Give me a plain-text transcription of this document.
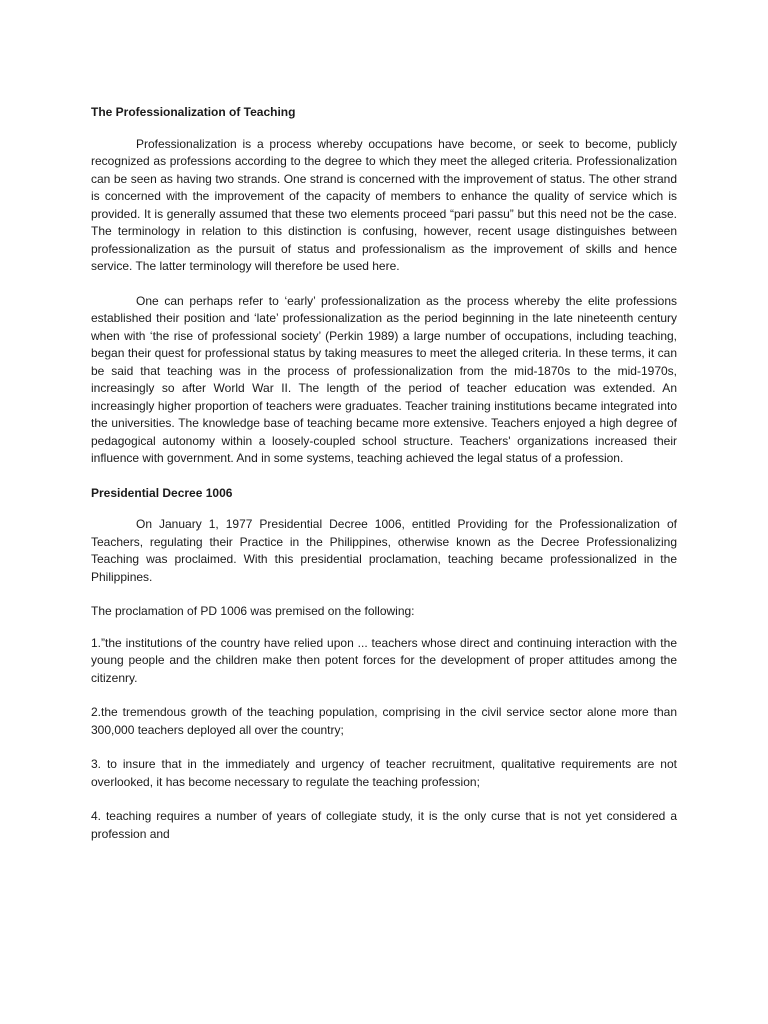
The Professionalization of Teaching

Professionalization is a process whereby occupations have become, or seek to become, publicly recognized as professions according to the degree to which they meet the alleged criteria. Professionalization can be seen as having two strands. One strand is concerned with the improvement of status. The other strand is concerned with the improvement of the capacity of members to enhance the quality of service which is provided. It is generally assumed that these two elements proceed “pari passu” but this need not be the case. The terminology in relation to this distinction is confusing, however, recent usage distinguishes between professionalization as the pursuit of status and professionalism as the improvement of skills and hence service. The latter terminology will therefore be used here.

One can perhaps refer to ‘early’ professionalization as the process whereby the elite professions established their position and ‘late’ professionalization as the period beginning in the late nineteenth century when with ‘the rise of professional society’ (Perkin 1989) a large number of occupations, including teaching, began their quest for professional status by taking measures to meet the alleged criteria. In these terms, it can be said that teaching was in the process of professionalization from the mid-1870s to the mid-1970s, increasingly so after World War II. The length of the period of teacher education was extended. An increasingly higher proportion of teachers were graduates. Teacher training institutions became integrated into the universities. The knowledge base of teaching became more extensive. Teachers enjoyed a high degree of pedagogical autonomy within a loosely-coupled school structure. Teachers' organizations increased their influence with government. And in some systems, teaching achieved the legal status of a profession.

Presidential Decree 1006

On January 1, 1977 Presidential Decree 1006, entitled Providing for the Professionalization of Teachers, regulating their Practice in the Philippines, otherwise known as the Decree Professionalizing Teaching was proclaimed. With this presidential proclamation, teaching became professionalized in the Philippines.

The proclamation of PD 1006 was premised on the following:

1.”the institutions of the country have relied upon ... teachers whose direct and continuing interaction with the young people and the children make then potent forces for the development of proper attitudes among the citizenry.

2.the tremendous growth of the teaching population, comprising in the civil service sector alone more than 300,000 teachers deployed all over the country;

3. to insure that in the immediately and urgency of teacher recruitment, qualitative requirements are not overlooked, it has become necessary to regulate the teaching profession;

4. teaching requires a number of years of collegiate study, it is the only curse that is not yet considered a profession and
